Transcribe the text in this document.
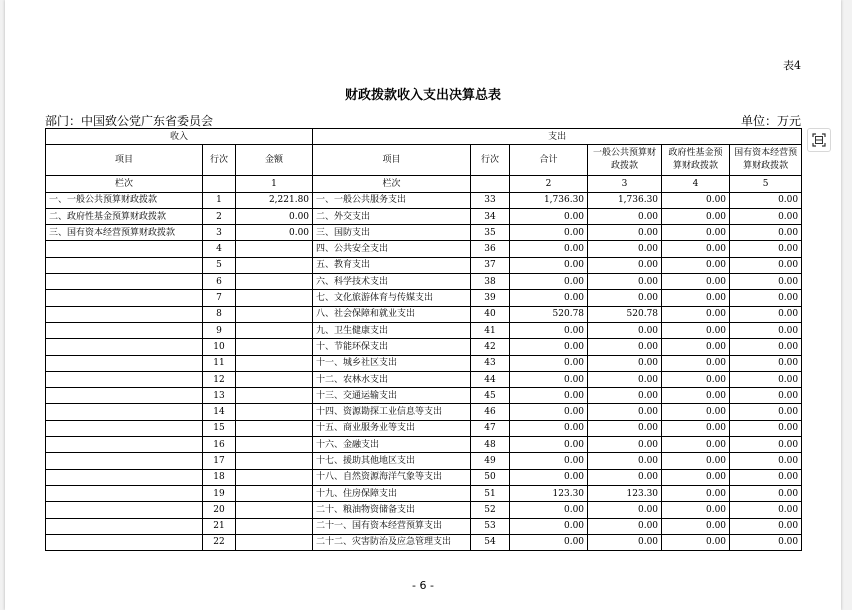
表4
财政拨款收入支出决算总表
部门：中国致公党广东省委员会	单位：万元
收入			支出					
项目	行次	金额	项目	行次	合计	一般公共预算财政拨款	政府性基金预算财政拨款	国有资本经营预算财政拨款
栏次		1	栏次		2	3	4	5
一、一般公共预算财政拨款	1	2,221.80	一、一般公共服务支出	33	1,736.30	1,736.30	0.00	0.00
二、政府性基金预算财政拨款	2	0.00	二、外交支出	34	0.00	0.00	0.00	0.00
三、国有资本经营预算财政拨款	3	0.00	三、国防支出	35	0.00	0.00	0.00	0.00
	4		四、公共安全支出	36	0.00	0.00	0.00	0.00
	5		五、教育支出	37	0.00	0.00	0.00	0.00
	6		六、科学技术支出	38	0.00	0.00	0.00	0.00
	7		七、文化旅游体育与传媒支出	39	0.00	0.00	0.00	0.00
	8		八、社会保障和就业支出	40	520.78	520.78	0.00	0.00
	9		九、卫生健康支出	41	0.00	0.00	0.00	0.00
	10		十、节能环保支出	42	0.00	0.00	0.00	0.00
	11		十一、城乡社区支出	43	0.00	0.00	0.00	0.00
	12		十二、农林水支出	44	0.00	0.00	0.00	0.00
	13		十三、交通运输支出	45	0.00	0.00	0.00	0.00
	14		十四、资源勘探工业信息等支出	46	0.00	0.00	0.00	0.00
	15		十五、商业服务业等支出	47	0.00	0.00	0.00	0.00
	16		十六、金融支出	48	0.00	0.00	0.00	0.00
	17		十七、援助其他地区支出	49	0.00	0.00	0.00	0.00
	18		十八、自然资源海洋气象等支出	50	0.00	0.00	0.00	0.00
	19		十九、住房保障支出	51	123.30	123.30	0.00	0.00
	20		二十、粮油物资储备支出	52	0.00	0.00	0.00	0.00
	21		二十一、国有资本经营预算支出	53	0.00	0.00	0.00	0.00
	22		二十二、灾害防治及应急管理支出	54	0.00	0.00	0.00	0.00
- 6 -
